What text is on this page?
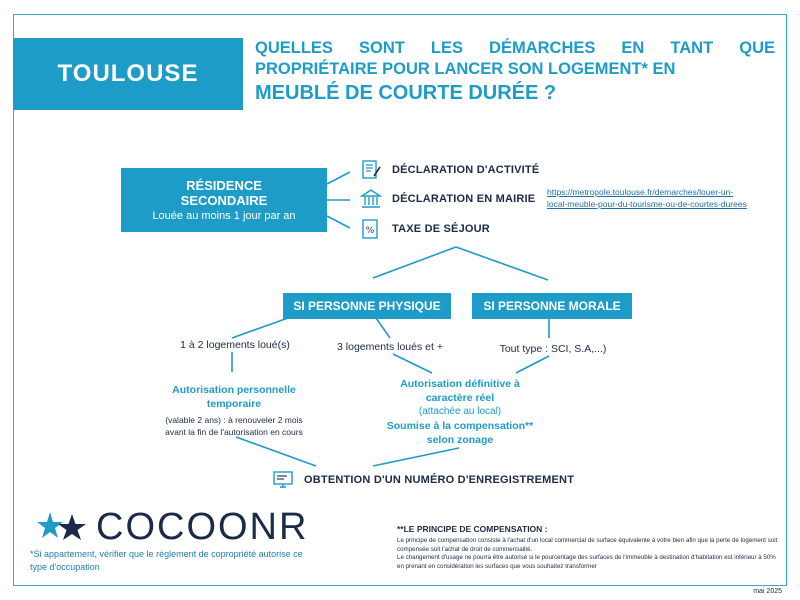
TOULOUSE
QUELLES SONT LES DÉMARCHES EN TANT QUE
PROPRIÉTAIRE POUR LANCER SON LOGEMENT* EN
MEUBLÉ DE COURTE DURÉE ?
RÉSIDENCE
SECONDAIRE
Louée au moins 1 jour par an
DÉCLARATION D'ACTIVITÉ
DÉCLARATION EN MAIRIE
https://metropole.toulouse.fr/demarches/louer-un-
local-meuble-pour-du-tourisme-ou-de-courtes-durees
% TAXE DE SÉJOUR
SI PERSONNE PHYSIQUE	SI PERSONNE MORALE
1 à 2 logements loué(s)	3 logements loués et +	Tout type : SCI, S.A,...)
Autorisation personnelle
temporaire
(valable 2 ans) : à renouveler 2 mois
avant la fin de l'autorisation en cours
Autorisation définitive à
caractère réel
(attachée au local)
Soumise à la compensation**
selon zonage
OBTENTION D'UN NUMÉRO D'ENREGISTREMENT
COCOONR
*Si appartement, vérifier que le règlement de copropriété autorise ce
type d'occupation
**LE PRINCIPE DE COMPENSATION :
Le principe de compensation consiste à l'achat d'un local commercial de surface équivalente à votre bien afin que la perte de logement soit compensée soit l'achat de droit de commercialité.
Le changement d'usage ne pourra être autorisé si le pourcentage des surfaces de l'immeuble à destination d'habitation est inférieur à 50% en prenant en considération les surfaces que vous souhaitez transformer
mai 2025
